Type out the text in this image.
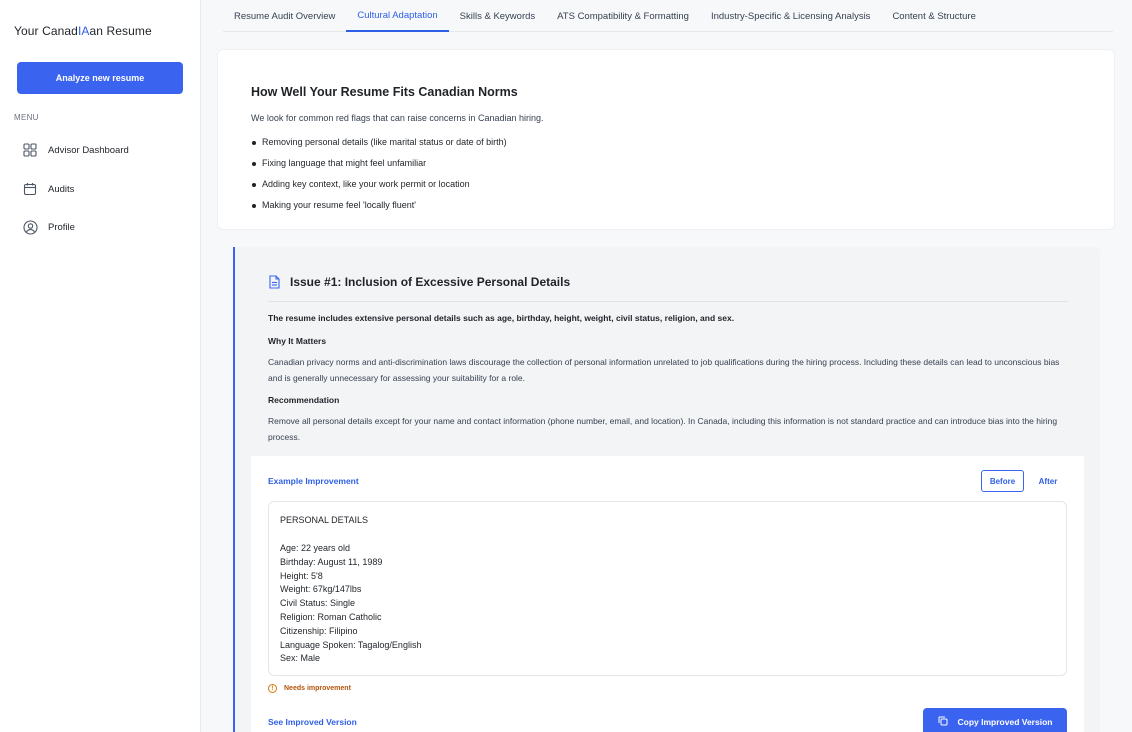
Your CanadIAan Resume
Analyze new resume
MENU
Advisor Dashboard
Audits
Profile
Resume Audit Overview	Cultural Adaptation	Skills & Keywords	ATS Compatibility & Formatting	Industry-Specific & Licensing Analysis	Content & Structure
How Well Your Resume Fits Canadian Norms

We look for common red flags that can raise concerns in Canadian hiring.

Removing personal details (like marital status or date of birth)
Fixing language that might feel unfamiliar
Adding key context, like your work permit or location
Making your resume feel 'locally fluent'
Issue #1: Inclusion of Excessive Personal Details

The resume includes extensive personal details such as age, birthday, height, weight, civil status, religion, and sex.

Why It Matters

Canadian privacy norms and anti-discrimination laws discourage the collection of personal information unrelated to job qualifications during the hiring process. Including these details can lead to unconscious bias and is generally unnecessary for assessing your suitability for a role.

Recommendation

Remove all personal details except for your name and contact information (phone number, email, and location). In Canada, including this information is not standard practice and can introduce bias into the hiring process.

Example Improvement	Before	After
PERSONAL DETAILS
Age: 22 years old
Birthday: August 11, 1989
Height: 5'8
Weight: 67kg/147lbs
Civil Status: Single
Religion: Roman Catholic
Citizenship: Filipino
Language Spoken: Tagalog/English
Sex: Male
!	Needs improvement
See Improved Version	Copy Improved Version
